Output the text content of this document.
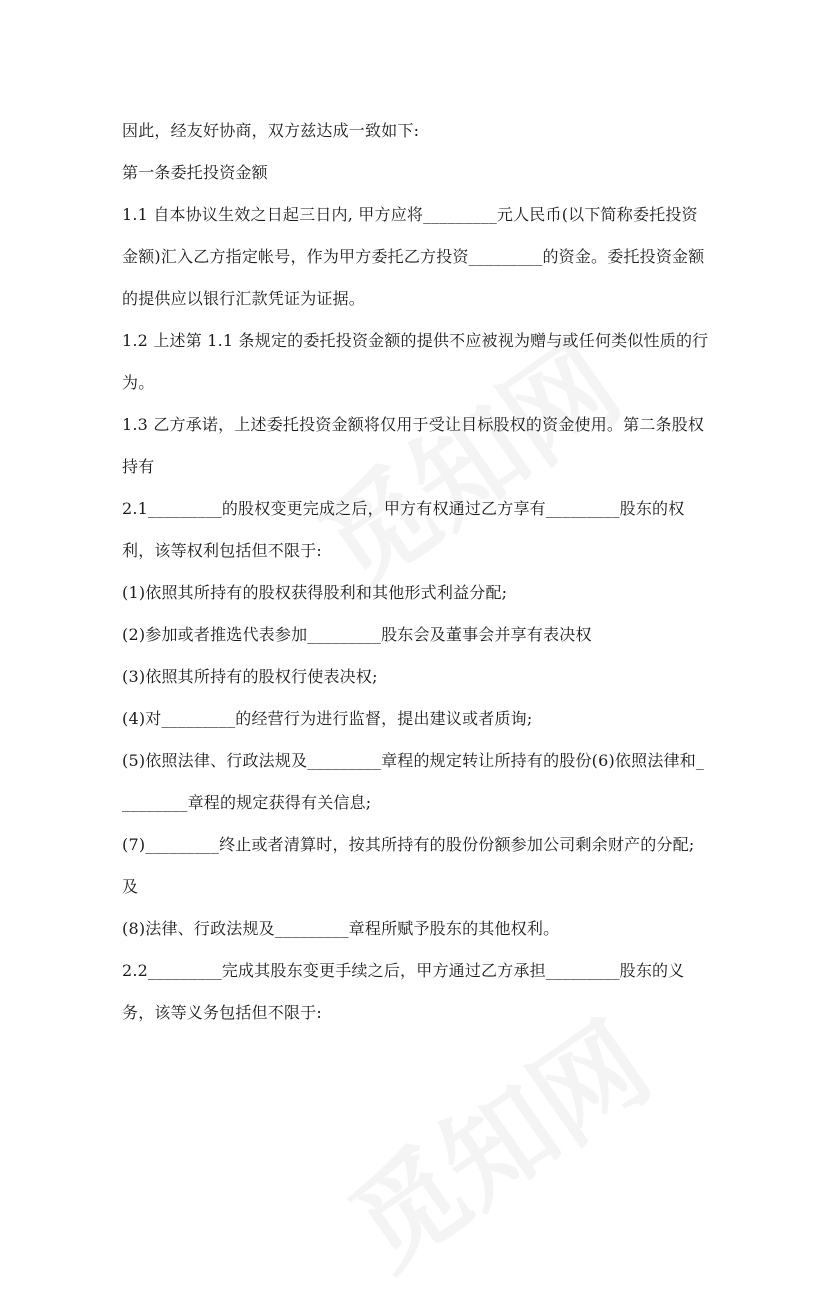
因此，经友好协商，双方兹达成一致如下:

第一条委托投资金额

1.1 自本协议生效之日起三日内, 甲方应将_________元人民币(以下简称委托投资金额)汇入乙方指定帐号，作为甲方委托乙方投资_________的资金。委托投资金额的提供应以银行汇款凭证为证据。

1.2 上述第 1.1 条规定的委托投资金额的提供不应被视为赠与或任何类似性质的行为。

1.3 乙方承诺，上述委托投资金额将仅用于受让目标股权的资金使用。第二条股权持有

2.1_________的股权变更完成之后，甲方有权通过乙方享有_________股东的权利，该等权利包括但不限于:

(1)依照其所持有的股权获得股利和其他形式利益分配;

(2)参加或者推选代表参加_________股东会及董事会并享有表决权

(3)依照其所持有的股权行使表决权;

(4)对_________的经营行为进行监督，提出建议或者质询;

(5)依照法律、行政法规及_________章程的规定转让所持有的股份(6)依照法律和_________章程的规定获得有关信息;

(7)_________终止或者清算时，按其所持有的股份份额参加公司剩余财产的分配;及

(8)法律、行政法规及_________章程所赋予股东的其他权利。

2.2_________完成其股东变更手续之后，甲方通过乙方承担_________股东的义务，该等义务包括但不限于:
